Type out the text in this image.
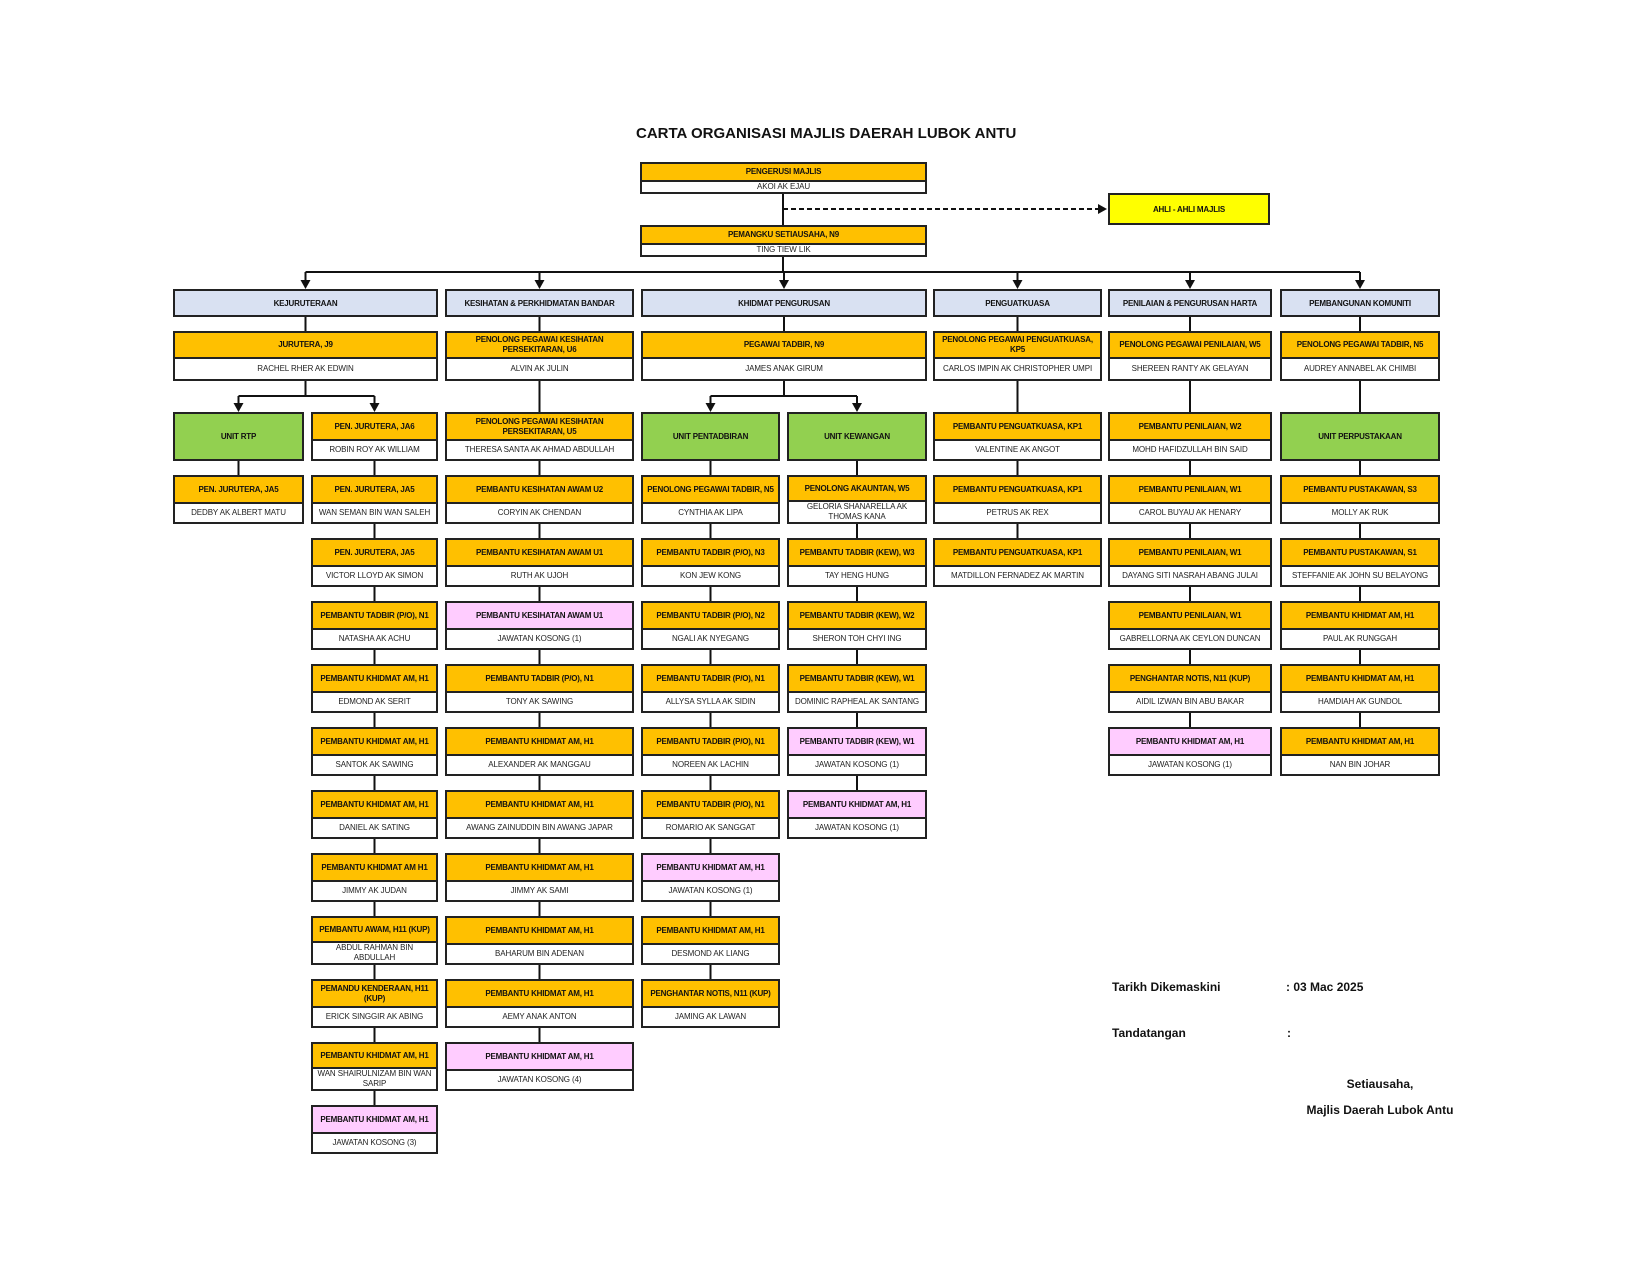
CARTA ORGANISASI MAJLIS DAERAH LUBOK ANTU
PENGERUSI MAJLIS
AKOI AK EJAU
PEMANGKU SETIAUSAHA, N9
TING TIEW LIK
AHLI - AHLI MAJLIS
KEJURUTERAAN
JURUTERA, J9
RACHEL RHER AK EDWIN
KESIHATAN & PERKHIDMATAN BANDAR
PENOLONG PEGAWAI KESIHATAN PERSEKITARAN, U6
ALVIN AK JULIN
KHIDMAT PENGURUSAN
PEGAWAI TADBIR, N9
JAMES ANAK GIRUM
PENGUATKUASA
PENOLONG PEGAWAI PENGUATKUASA, KP5
CARLOS IMPIN AK CHRISTOPHER UMPI
PENILAIAN & PENGURUSAN HARTA
PENOLONG PEGAWAI PENILAIAN, W5
SHEREEN RANTY AK GELAYAN
PEMBANGUNAN KOMUNITI
PENOLONG PEGAWAI TADBIR, N5
AUDREY ANNABEL AK CHIMBI
UNIT RTP
PEN. JURUTERA, JA5
DEDBY AK ALBERT MATU
PEN. JURUTERA, JA6
ROBIN ROY AK WILLIAM
PEN. JURUTERA, JA5
WAN SEMAN BIN WAN SALEH
PEN. JURUTERA, JA5
VICTOR LLOYD AK SIMON
PEMBANTU TADBIR (P/O), N1
NATASHA AK ACHU
PEMBANTU KHIDMAT AM, H1
EDMOND AK SERIT
PEMBANTU KHIDMAT AM, H1
SANTOK AK SAWING
PEMBANTU KHIDMAT AM, H1
DANIEL AK SATING
PEMBANTU KHIDMAT AM H1
JIMMY AK JUDAN
PEMBANTU AWAM, H11 (KUP)
ABDUL RAHMAN BIN ABDULLAH
PEMANDU KENDERAAN, H11 (KUP)
ERICK SINGGIR AK ABING
PEMBANTU KHIDMAT AM, H1
WAN SHAIRULNIZAM BIN WAN SARIP
PEMBANTU KHIDMAT AM, H1
JAWATAN KOSONG (3)
PENOLONG PEGAWAI KESIHATAN PERSEKITARAN, U5
THERESA SANTA AK AHMAD ABDULLAH
PEMBANTU KESIHATAN AWAM U2
CORYIN AK CHENDAN
PEMBANTU KESIHATAN AWAM U1
RUTH AK UJOH
PEMBANTU KESIHATAN AWAM U1
JAWATAN KOSONG (1)
PEMBANTU TADBIR (P/O), N1
TONY AK SAWING
PEMBANTU KHIDMAT AM, H1
ALEXANDER AK MANGGAU
PEMBANTU KHIDMAT AM, H1
AWANG ZAINUDDIN BIN AWANG JAPAR
PEMBANTU KHIDMAT AM, H1
JIMMY AK SAMI
PEMBANTU KHIDMAT AM, H1
BAHARUM BIN ADENAN
PEMBANTU KHIDMAT AM, H1
AEMY ANAK ANTON
PEMBANTU KHIDMAT AM, H1
JAWATAN KOSONG (4)
UNIT PENTADBIRAN
PENOLONG PEGAWAI TADBIR, N5
CYNTHIA AK LIPA
PEMBANTU TADBIR (P/O), N3
KON JEW KONG
PEMBANTU TADBIR (P/O), N2
NGALI AK NYEGANG
PEMBANTU TADBIR (P/O), N1
ALLYSA SYLLA AK SIDIN
PEMBANTU TADBIR (P/O), N1
NOREEN AK LACHIN
PEMBANTU TADBIR (P/O), N1
ROMARIO AK SANGGAT
PEMBANTU KHIDMAT AM, H1
JAWATAN KOSONG (1)
PEMBANTU KHIDMAT AM, H1
DESMOND AK LIANG
PENGHANTAR NOTIS, N11 (KUP)
JAMING AK LAWAN
UNIT KEWANGAN
PENOLONG AKAUNTAN, W5
GELORIA SHANARELLA AK THOMAS KANA
PEMBANTU TADBIR (KEW), W3
TAY HENG HUNG
PEMBANTU TADBIR (KEW), W2
SHERON TOH CHYI ING
PEMBANTU TADBIR (KEW), W1
DOMINIC RAPHEAL AK SANTANG
PEMBANTU TADBIR (KEW), W1
JAWATAN KOSONG (1)
PEMBANTU KHIDMAT AM, H1
JAWATAN KOSONG (1)
PEMBANTU PENGUATKUASA, KP1
VALENTINE AK ANGOT
PEMBANTU PENGUATKUASA, KP1
PETRUS AK REX
PEMBANTU PENGUATKUASA, KP1
MATDILLON FERNADEZ AK MARTIN
PEMBANTU PENILAIAN, W2
MOHD HAFIDZULLAH BIN SAID
PEMBANTU PENILAIAN, W1
CAROL BUYAU AK HENARY
PEMBANTU PENILAIAN, W1
DAYANG SITI NASRAH ABANG JULAI
PEMBANTU PENILAIAN, W1
GABRELLORNA AK CEYLON DUNCAN
PENGHANTAR NOTIS, N11 (KUP)
AIDIL IZWAN BIN ABU BAKAR
PEMBANTU KHIDMAT AM, H1
JAWATAN KOSONG (1)
UNIT PERPUSTAKAAN
PEMBANTU PUSTAKAWAN, S3
MOLLY AK RUK
PEMBANTU PUSTAKAWAN, S1
STEFFANIE AK JOHN SU BELAYONG
PEMBANTU KHIDMAT AM, H1
PAUL AK RUNGGAH
PEMBANTU KHIDMAT AM, H1
HAMDIAH AK GUNDOL
PEMBANTU KHIDMAT AM, H1
NAN BIN JOHAR
Tarikh Dikemaskini	: 03 Mac 2025
Tandatangan	:
Setiausaha,
Majlis Daerah Lubok Antu
